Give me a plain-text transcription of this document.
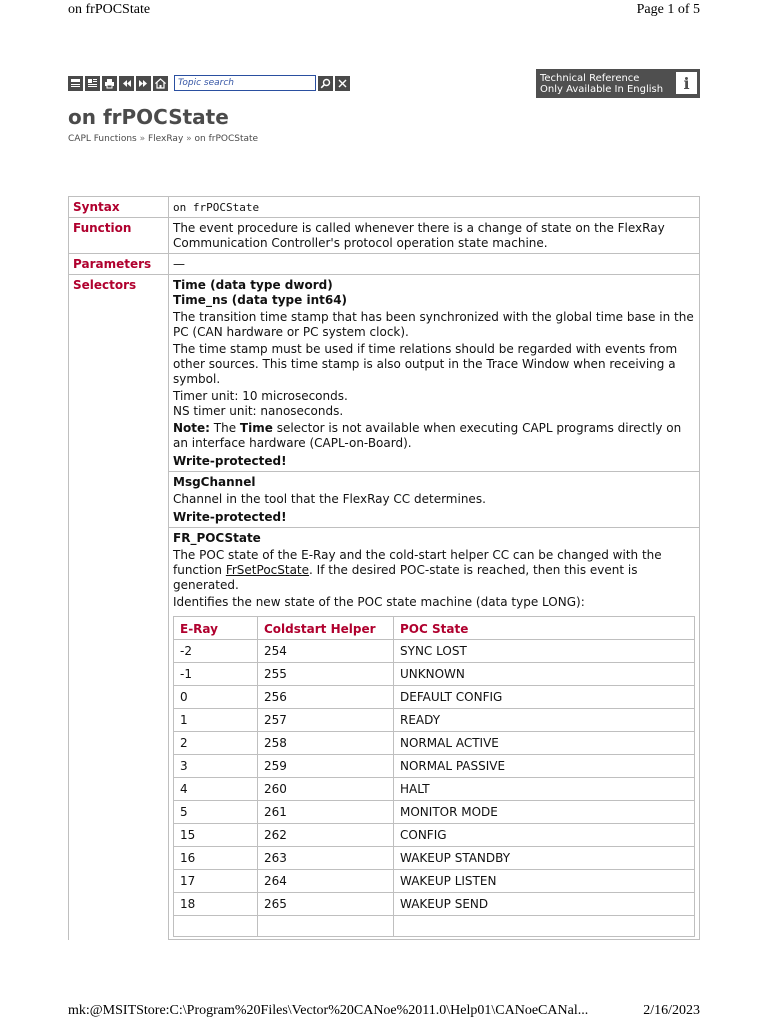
on frPOCState	Page 1 of 5
Topic search
Technical Reference
Only Available In English	i
on frPOCState
CAPL Functions » FlexRay » on frPOCState
Syntax	on frPOCState
Function	The event procedure is called whenever there is a change of state on the FlexRay Communication Controller's protocol operation state machine.
Parameters	—
Selectors	Time (data type dword)
Time_ns (data type int64)
The transition time stamp that has been synchronized with the global time base in the PC (CAN hardware or PC system clock).
The time stamp must be used if time relations should be regarded with events from other sources. This time stamp is also output in the Trace Window when receiving a symbol.
Timer unit: 10 microseconds.
NS timer unit: nanoseconds.
Note: The Time selector is not available when executing CAPL programs directly on an interface hardware (CAPL-on-Board).
Write-protected!

MsgChannel
Channel in the tool that the FlexRay CC determines.
Write-protected!

FR_POCState
The POC state of the E-Ray and the cold-start helper CC can be changed with the function FrSetPocState. If the desired POC-state is reached, then this event is generated.
Identifies the new state of the POC state machine (data type LONG):
E-Ray	Coldstart Helper	POC State
-2	254	SYNC LOST
-1	255	UNKNOWN
0	256	DEFAULT CONFIG
1	257	READY
2	258	NORMAL ACTIVE
3	259	NORMAL PASSIVE
4	260	HALT
5	261	MONITOR MODE
15	262	CONFIG
16	263	WAKEUP STANDBY
17	264	WAKEUP LISTEN
18	265	WAKEUP SEND

mk:@MSITStore:C:\Program%20Files\Vector%20CANoe%2011.0\Help01\CANoeCANal...	2/16/2023
